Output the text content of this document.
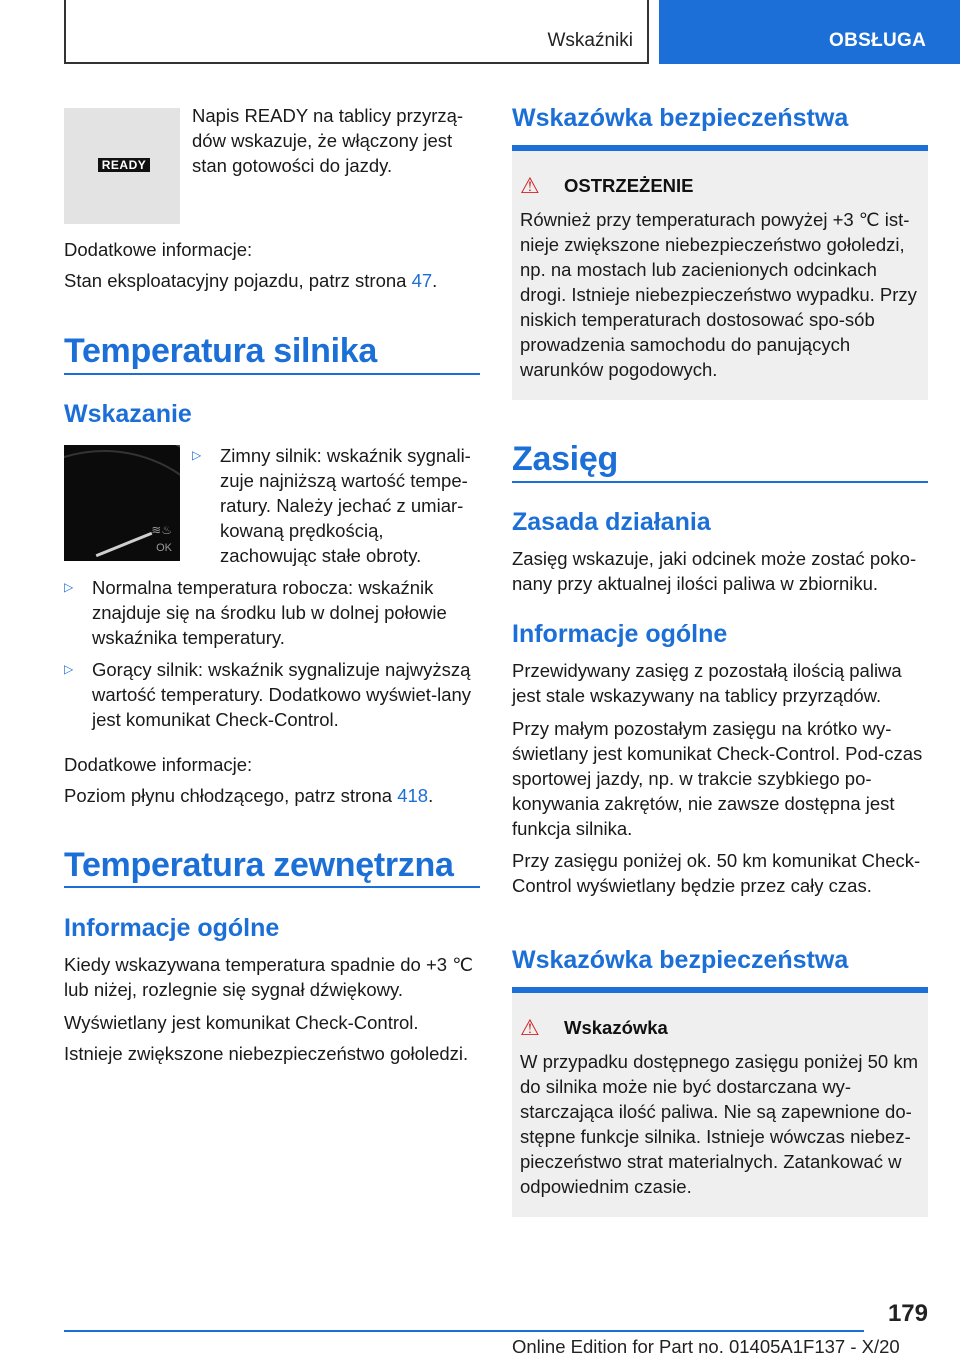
Wskaźniki	OBSŁUGA
READY

Napis READY na tablicy przyrzą‐dów wskazuje, że włączony jest stan gotowości do jazdy.

Dodatkowe informacje:

Stan eksploatacyjny pojazdu, patrz strona 47.

Temperatura silnika
Wskazanie
≋♨
OK
▷	Zimny silnik: wskaźnik sygnali‐zuje najniższą wartość tempe‐ratury. Należy jechać z umiar‐kowaną prędkością, zachowując stałe obroty.

▷	Normalna temperatura robocza: wskaźnik znajduje się na środku lub w dolnej połowie wskaźnika temperatury.

▷	Gorący silnik: wskaźnik sygnalizuje najwyższą wartość temperatury. Dodatkowo wyświet‐lany jest komunikat Check-Control.

Dodatkowe informacje:

Poziom płynu chłodzącego, patrz strona 418.

Temperatura zewnętrzna
Informacje ogólne

Kiedy wskazywana temperatura spadnie do +3 ℃ lub niżej, rozlegnie się sygnał dźwiękowy.

Wyświetlany jest komunikat Check-Control.

Istnieje zwiększone niebezpieczeństwo gołoledzi.

Wskazówka bezpieczeństwa
⚠	OSTRZEŻENIE

Również przy temperaturach powyżej +3 ℃ ist‐nieje zwiększone niebezpieczeństwo gołoledzi, np. na mostach lub zacienionych odcinkach drogi. Istnieje niebezpieczeństwo wypadku. Przy niskich temperaturach dostosować spo‐sób prowadzenia samochodu do panujących warunków pogodowych.

Zasięg
Zasada działania

Zasięg wskazuje, jaki odcinek może zostać poko‐nany przy aktualnej ilości paliwa w zbiorniku.

Informacje ogólne

Przewidywany zasięg z pozostałą ilością paliwa jest stale wskazywany na tablicy przyrządów.

Przy małym pozostałym zasięgu na krótko wy‐świetlany jest komunikat Check-Control. Pod‐czas sportowej jazdy, np. w trakcie szybkiego po‐konywania zakrętów, nie zawsze dostępna jest funkcja silnika.

Przy zasięgu poniżej ok. 50 km komunikat Check-Control wyświetlany będzie przez cały czas.

Wskazówka bezpieczeństwa
⚠	Wskazówka

W przypadku dostępnego zasięgu poniżej 50 km do silnika może nie być dostarczana wy‐starczająca ilość paliwa. Nie są zapewnione do‐stępne funkcje silnika. Istnieje wówczas niebez‐pieczeństwo strat materialnych. Zatankować w odpowiednim czasie.

179
Online Edition for Part no. 01405A1F137 - X/20
